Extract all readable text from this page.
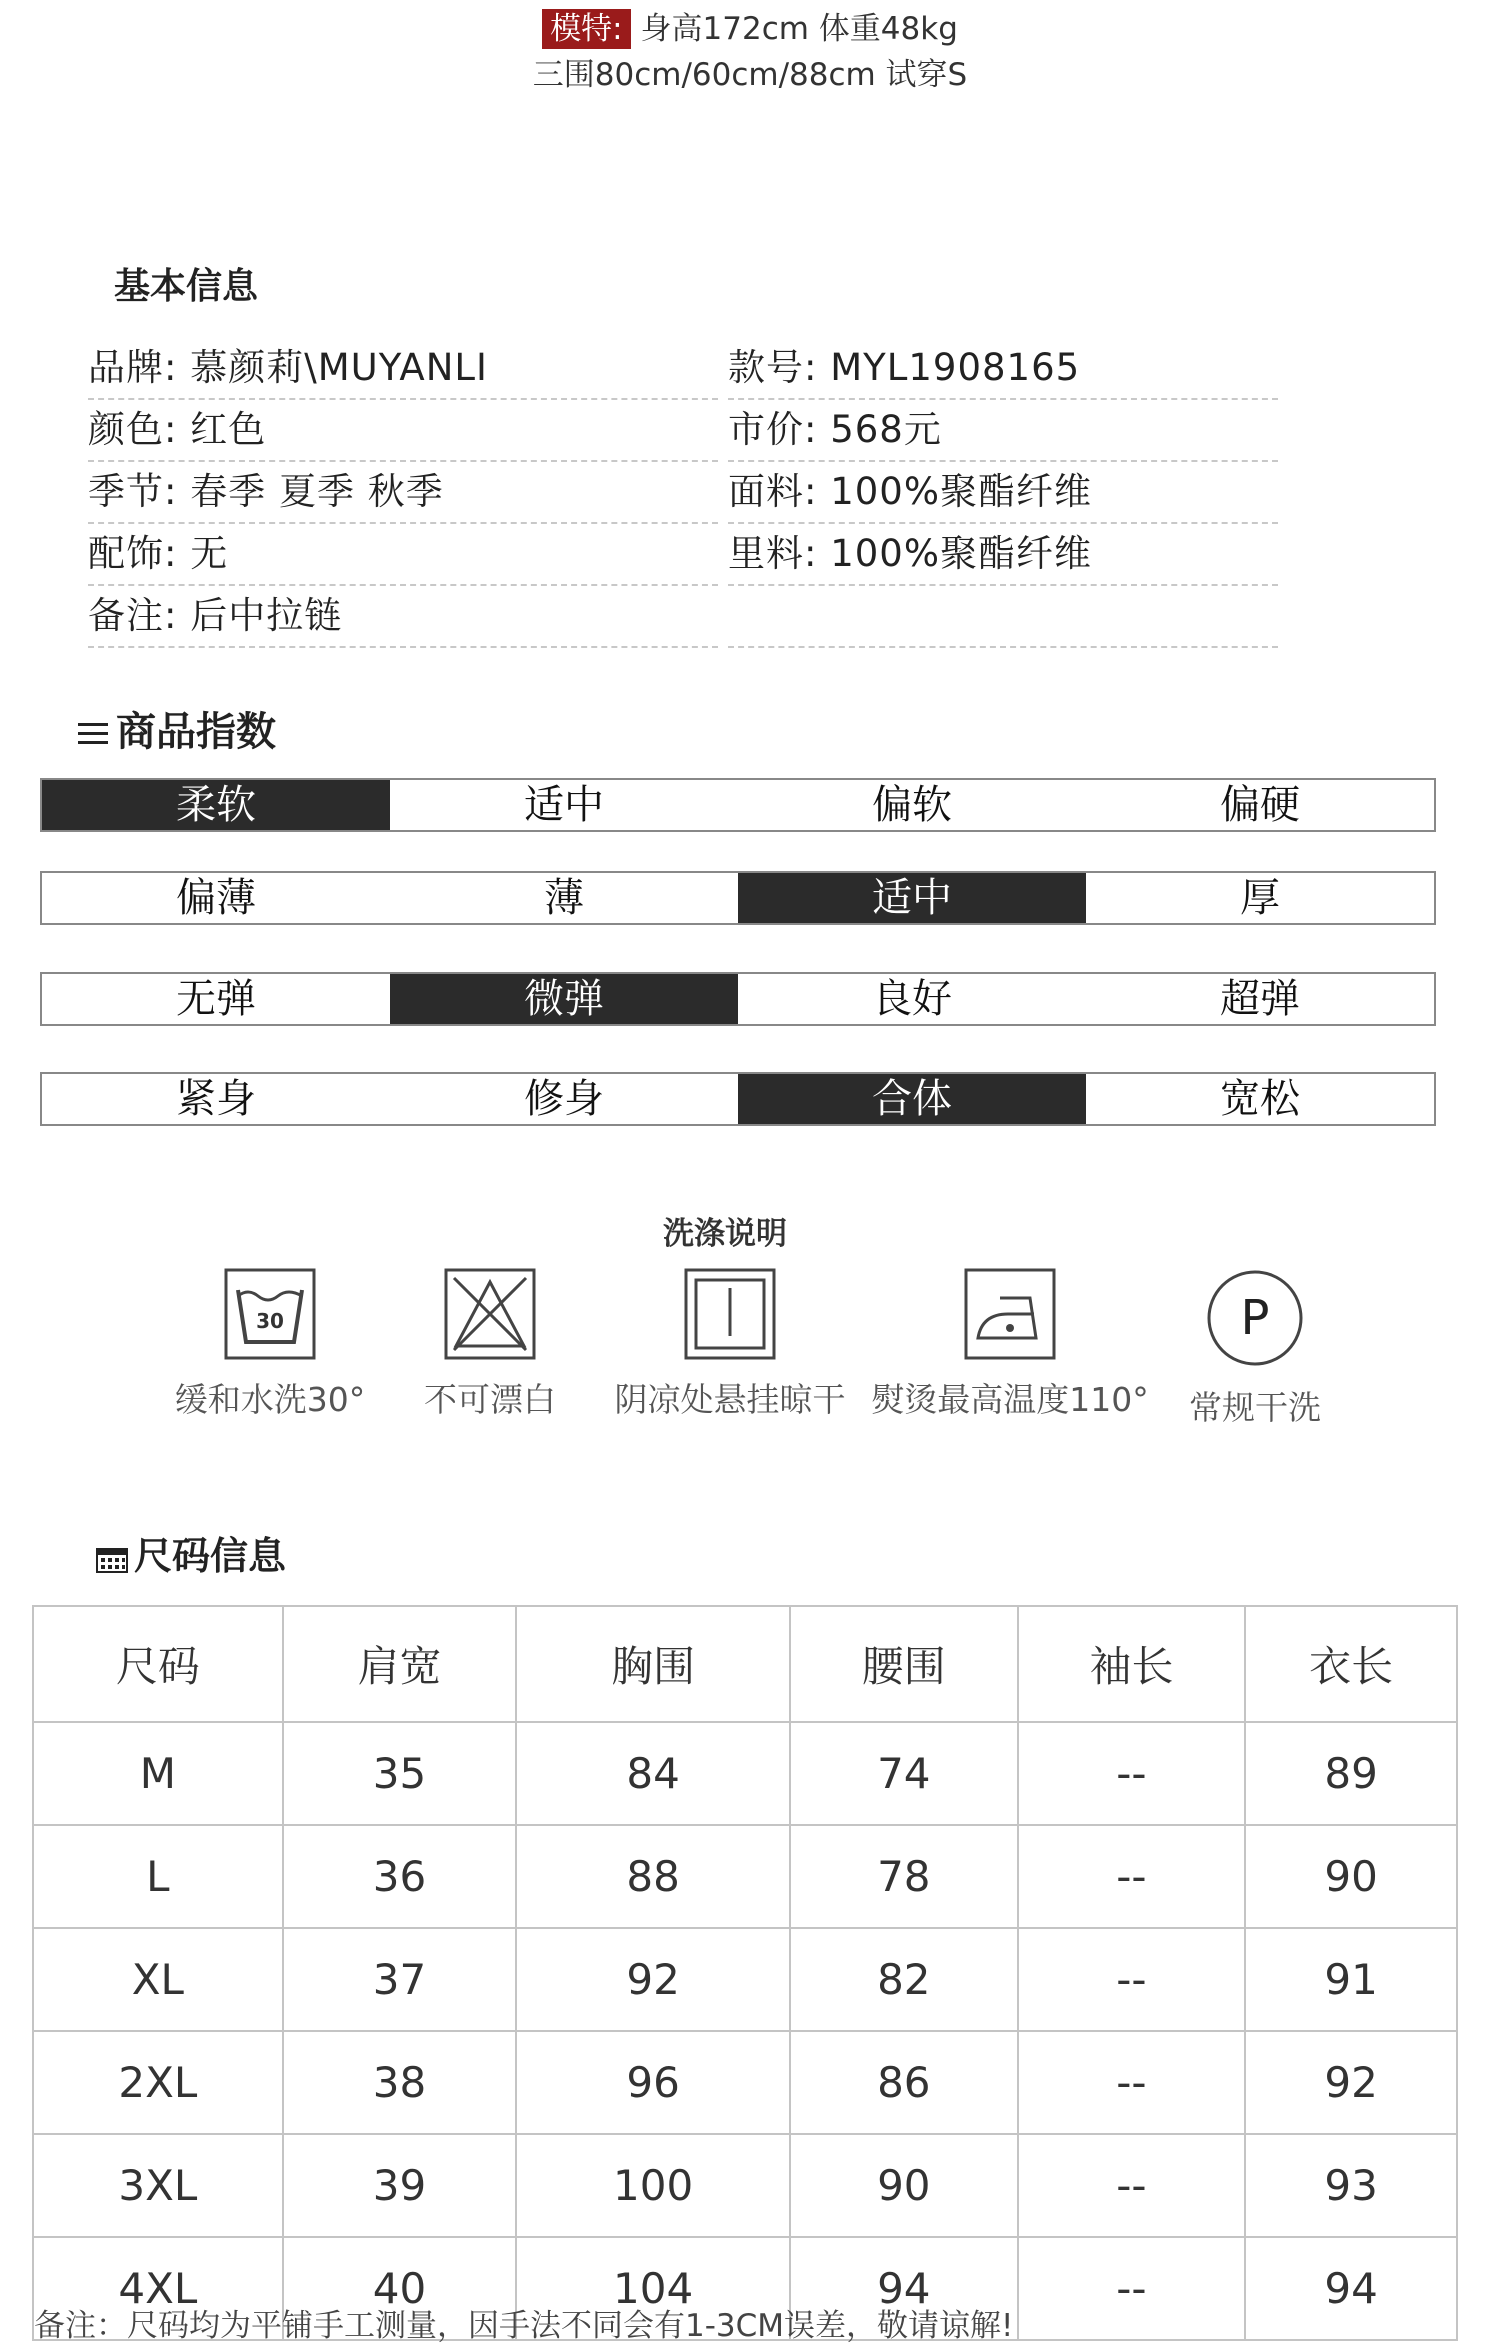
模特: 身高172cm 体重48kg
三围80cm/60cm/88cm 试穿S
基本信息
品牌: 慕颜莉\MUYANLI	款号: MYL1908165
颜色: 红色	市价: 568元
季节: 春季 夏季 秋季	面料: 100%聚酯纤维
配饰: 无	里料: 100%聚酯纤维
备注: 后中拉链
商品指数
柔软	适中	偏软	偏硬
偏薄	薄	适中	厚
无弹	微弹	良好	超弹
紧身	修身	合体	宽松
洗涤说明
30
缓和水洗30°	不可漂白	阴凉处悬挂晾干 熨烫最高温度110°
P
常规干洗
尺码信息
尺码	肩宽	胸围	腰围	袖长	衣长
M	35	84	74	--	89
L	36	88	78	--	90
XL	37	92	82	--	91
2XL	38	96	86	--	92
3XL	39	100	90	--	93
4XL	40	104	94	--	94
备注：尺码均为平铺手工测量，因手法不同会有1-3CM误差，敬请谅解!
